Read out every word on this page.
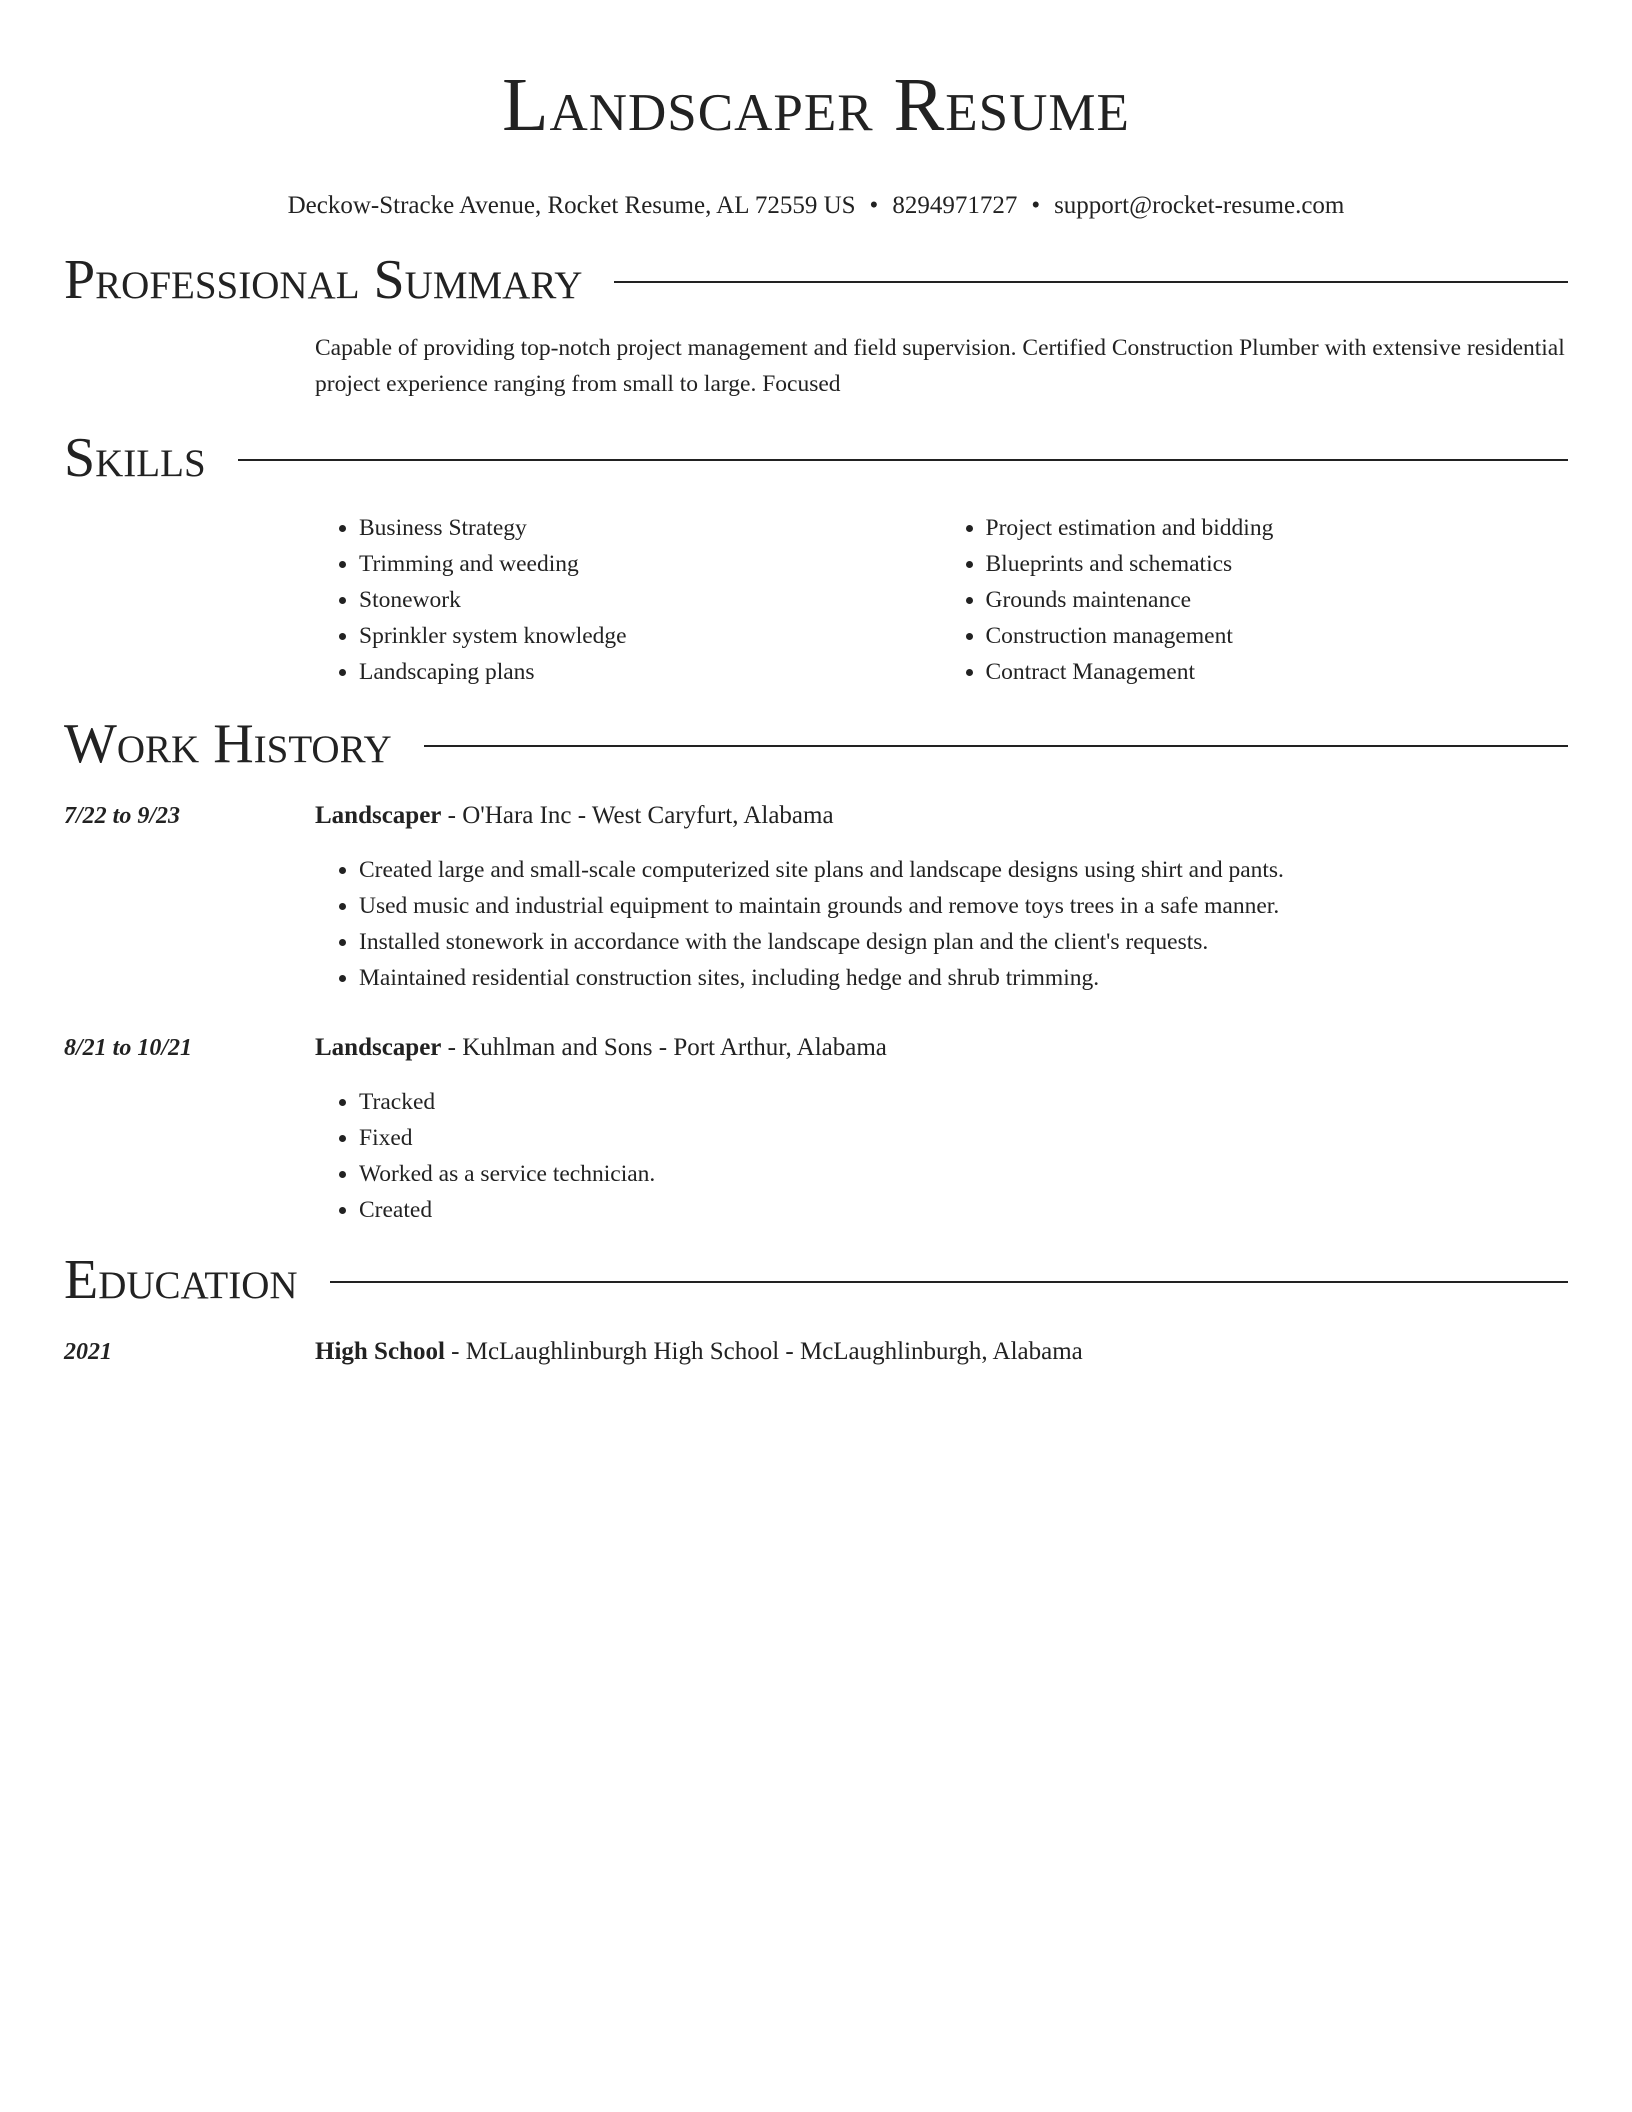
Landscaper Resume
Deckow-Stracke Avenue, Rocket Resume, AL 72559 US • 8294971727 • support@rocket-resume.com
Professional Summary
Capable of providing top-notch project management and field supervision. Certified Construction Plumber with extensive residential project experience ranging from small to large. Focused
Skills
• Business Strategy
• Trimming and weeding
• Stonework
• Sprinkler system knowledge
• Landscaping plans
• Project estimation and bidding
• Blueprints and schematics
• Grounds maintenance
• Construction management
• Contract Management
Work History
7/22 to 9/23	Landscaper - O'Hara Inc - West Caryfurt, Alabama
• Created large and small-scale computerized site plans and landscape designs using shirt and pants.
• Used music and industrial equipment to maintain grounds and remove toys trees in a safe manner.
• Installed stonework in accordance with the landscape design plan and the client's requests.
• Maintained residential construction sites, including hedge and shrub trimming.
8/21 to 10/21	Landscaper - Kuhlman and Sons - Port Arthur, Alabama
• Tracked
• Fixed
• Worked as a service technician.
• Created
Education
2021	High School - McLaughlinburgh High School - McLaughlinburgh, Alabama
